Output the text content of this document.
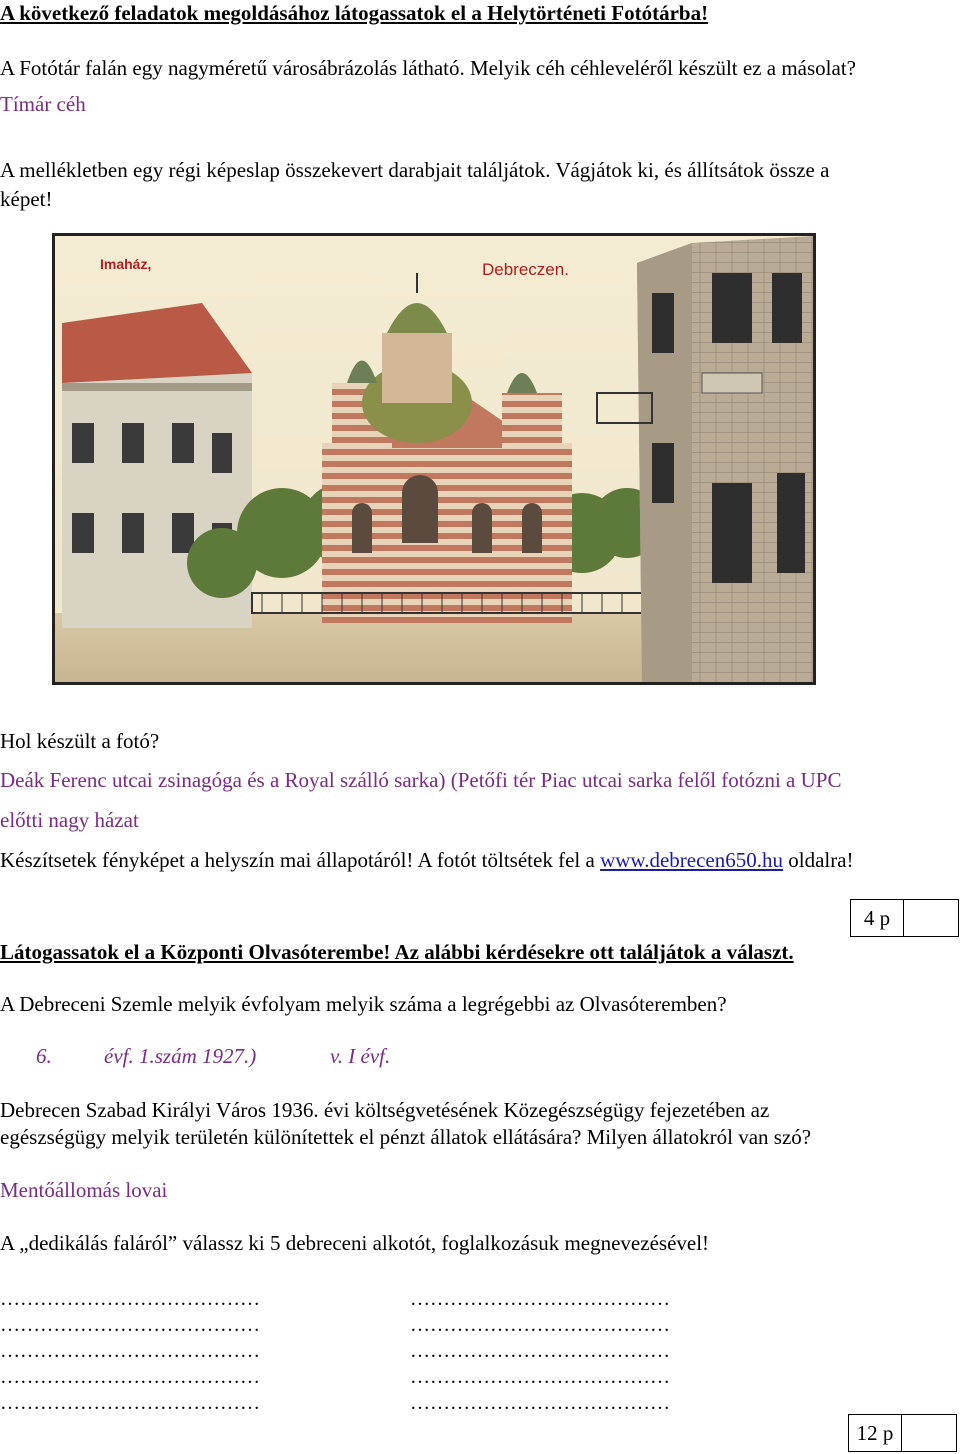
A következő feladatok megoldásához látogassatok el a Helytörténeti Fotótárba!
A Fotótár falán egy nagyméretű városábrázolás látható. Melyik céh céhleveléről készült ez a másolat?
Tímár céh
A mellékletben egy régi képeslap összekevert darabjait találjátok. Vágjátok ki, és állítsátok össze a
képet!
Imaház,	Debreczen.
Hol készült a fotó?
Deák Ferenc utcai zsinagóga és a Royal szálló sarka) (Petőfi tér Piac utcai sarka felől fotózni a UPC
előtti nagy házat
Készítsetek fényképet a helyszín mai állapotáról! A fotót töltsétek fel a www.debrecen650.hu oldalra!
4 p
Látogassatok el a Központi Olvasóterembe! Az alábbi kérdésekre ott találjátok a választ.
A Debreceni Szemle melyik évfolyam melyik száma a legrégebbi az Olvasóteremben?
6. évf. 1.szám 1927.)	v. I évf.
Debrecen Szabad Királyi Város 1936. évi költségvetésének Közegészségügy fejezetében az
egészségügy melyik területén különítettek el pénzt állatok ellátására? Milyen állatokról van szó?
Mentőállomás lovai
A „dedikálás faláról” válassz ki 5 debreceni alkotót, foglalkozásuk megnevezésével!
…………………………………	…………………………………
…………………………………	…………………………………
…………………………………	…………………………………
…………………………………	…………………………………
…………………………………	…………………………………
12 p
